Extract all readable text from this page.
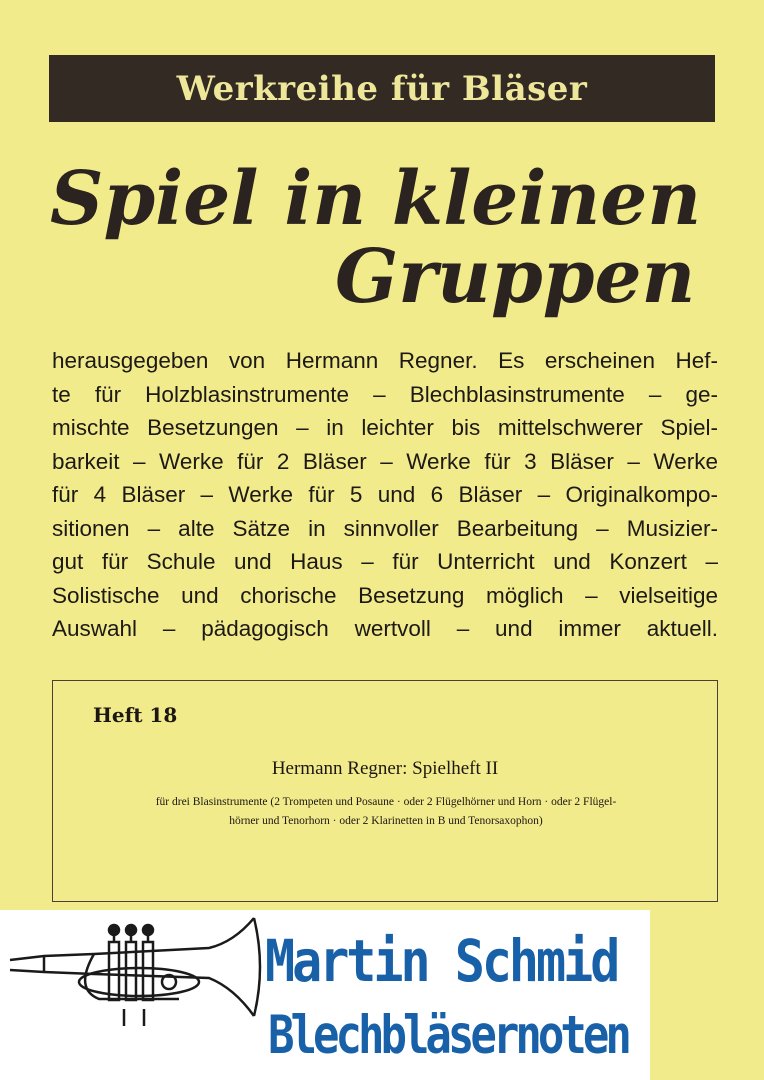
Werkreihe für Bläser
Spiel in kleinen
Gruppen
herausgegeben von Hermann Regner. Es erscheinen Hef-
te für Holzblasinstrumente – Blechblasinstrumente – ge-
mischte Besetzungen – in leichter bis mittelschwerer Spiel-
barkeit – Werke für 2 Bläser – Werke für 3 Bläser – Werke
für 4 Bläser – Werke für 5 und 6 Bläser – Originalkompo-
sitionen – alte Sätze in sinnvoller Bearbeitung – Musizier-
gut für Schule und Haus – für Unterricht und Konzert –
Solistische und chorische Besetzung möglich – vielseitige
Auswahl – pädagogisch wertvoll – und immer aktuell.
Heft 18
Hermann Regner: Spielheft II
für drei Blasinstrumente (2 Trompeten und Posaune · oder 2 Flügelhörner und Horn · oder 2 Flügel-
hörner und Tenorhorn · oder 2 Klarinetten in B und Tenorsaxophon)
Martin Schmid
Blechbläsernoten
